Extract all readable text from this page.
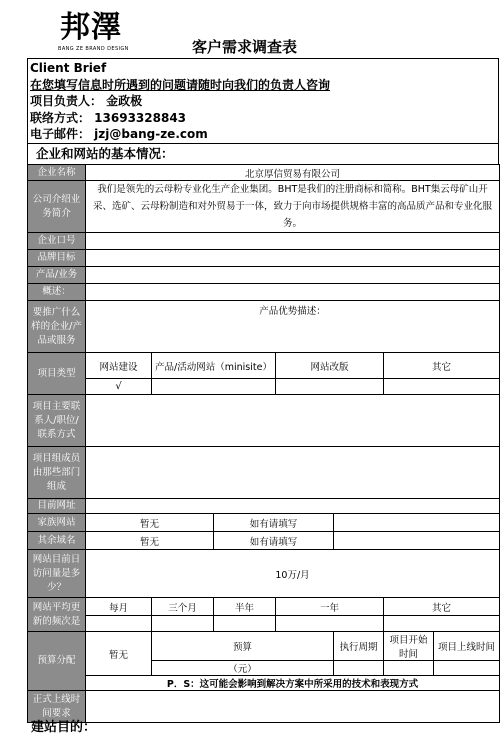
邦澤
BANG ZE BRAND DESIGN	客户需求调查表
Client Brief
在您填写信息时所遇到的问题请随时向我们的负责人咨询
项目负责人： 金政极
联络方式： 13693328843
电子邮件： jzj@bang-ze.com
企业和网站的基本情况：
企业名称	北京厚信贸易有限公司						
公司介绍业务简介	我们是领先的云母粉专业化生产企业集团。BHT是我们的注册商标和简称。BHT集云母矿山开采、选矿、云母粉制造和对外贸易于一体，致力于向市场提供规格丰富的高品质产品和专业化服务。						
企业口号							
品牌目标							
产品/业务							
概述：							
要推广什么样的企业/产品或服务	产品优势描述：						
项目类型	网站建设	产品/活动网站（minisite）		网站改版		其它	
	√						
项目主要联系人/职位/联系方式							
项目组成员由那些部门组成							
目前网址							
家族网站	暂无		如有请填写				
其余域名	暂无		如有请填写				
网站目前日访问量是多少？	10万/月						
网站平均更新的频次是	每月	三个月	半年	一年		其它	

预算分配	暂无	预算			执行周期	项目开始时间	项目上线时间
		（元）					
	P．S：这可能会影响到解决方案中所采用的技术和表现方式						
正式上线时间要求							
建站目的：
